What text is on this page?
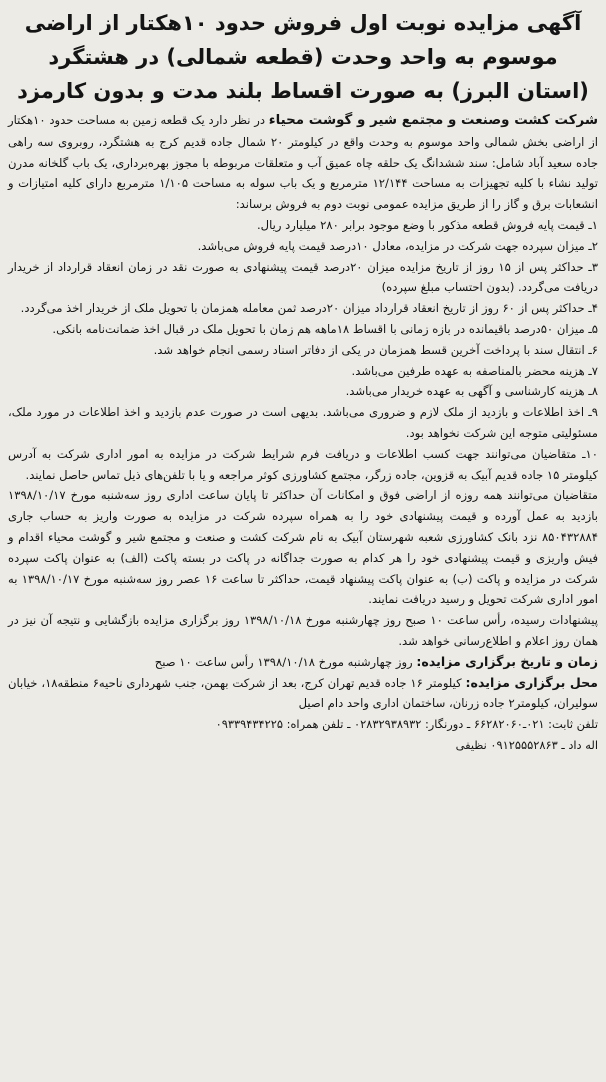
آگهی مزایده نوبت اول فروش حدود ۱۰هکتار از اراضی
موسوم به واحد وحدت (قطعه شمالی) در هشتگرد
(استان البرز) به صورت اقساط بلند مدت و بدون کارمزد

شرکت کشت وصنعت و مجتمع شیر و گوشت محیاء در نظر دارد یک قطعه زمین به مساحت حدود ۱۰هکتار از اراضی بخش شمالی واحد موسوم به وحدت واقع در کیلومتر ۲۰ شمال جاده قدیم کرج به هشتگرد، روبروی سه راهی جاده سعید آباد شامل: سند ششدانگ یک حلقه چاه عمیق آب و متعلقات مربوطه با مجوز بهره‌برداری، یک باب گلخانه مدرن تولید نشاء با کلیه تجهیزات به مساحت ۱۲/۱۴۴ مترمربع و یک باب سوله به مساحت ۱/۱۰۵ مترمربع دارای کلیه امتیازات و انشعابات برق و گاز را از طریق مزایده عمومی نوبت دوم به فروش برساند:

۱ـ قیمت پایه فروش قطعه مذکور با وضع موجود برابر ۲۸۰ میلیارد ریال.
۲ـ میزان سپرده جهت شرکت در مزایده، معادل ۱۰درصد قیمت پایه فروش می‌باشد.
۳ـ حداکثر پس از ۱۵ روز از تاریخ مزایده میزان ۲۰درصد قیمت پیشنهادی به صورت نقد در زمان انعقاد قرارداد از خریدار دریافت می‌گردد. (بدون احتساب مبلغ سپرده)
۴ـ حداکثر پس از ۶۰ روز از تاریخ انعقاد قرارداد میزان ۲۰درصد ثمن معامله همزمان با تحویل ملک از خریدار اخذ می‌گردد.
۵ـ میزان ۵۰درصد باقیمانده در بازه زمانی با اقساط ۱۸ماهه هم زمان با تحویل ملک در قبال اخذ ضمانت‌نامه بانکی.
۶ـ انتقال سند با پرداخت آخرین قسط همزمان در یکی از دفاتر اسناد رسمی انجام خواهد شد.
۷ـ هزینه محضر بالمناصفه به عهده طرفین می‌باشد.
۸ـ هزینه کارشناسی و آگهی به عهده خریدار می‌باشد.
۹ـ اخذ اطلاعات و بازدید از ملک لازم و ضروری می‌باشد. بدیهی است در صورت عدم بازدید و اخذ اطلاعات در مورد ملک، مسئولیتی متوجه این شرکت نخواهد بود.
۱۰ـ متقاضیان می‌توانند جهت کسب اطلاعات و دریافت فرم شرایط شرکت در مزایده به امور اداری شرکت به آدرس کیلومتر ۱۵ جاده قدیم آبیک به قزوین، جاده زرگر، مجتمع کشاورزی کوثر مراجعه و یا با تلفن‌های ذیل تماس حاصل نمایند.

متقاضیان می‌توانند همه روزه از اراضی فوق و امکانات آن حداکثر تا پایان ساعت اداری روز سه‌شنبه مورخ ۱۳۹۸/۱۰/۱۷ بازدید به عمل آورده و قیمت پیشنهادی خود را به همراه سپرده شرکت در مزایده به صورت واریز به حساب جاری ۸۵۰۴۳۲۸۸۴ نزد بانک کشاورزی شعبه شهرستان آبیک به نام شرکت کشت و صنعت و مجتمع شیر و گوشت محیاء اقدام و فیش واریزی و قیمت پیشنهادی خود را هر کدام به صورت جداگانه در پاکت در بسته پاکت (الف) به عنوان پاکت سپرده شرکت در مزایده و پاکت (ب) به عنوان پاکت پیشنهاد قیمت، حداکثر تا ساعت ۱۶ عصر روز سه‌شنبه مورخ ۱۳۹۸/۱۰/۱۷ به امور اداری شرکت تحویل و رسید دریافت نمایند.

پیشنهادات رسیده، رأس ساعت ۱۰ صبح روز چهارشنبه مورخ ۱۳۹۸/۱۰/۱۸ روز برگزاری مزایده بازگشایی و نتیجه آن نیز در همان روز اعلام و اطلاع‌رسانی خواهد شد.

زمان و تاریخ برگزاری مزایده: روز چهارشنبه مورخ ۱۳۹۸/۱۰/۱۸ رأس ساعت ۱۰ صبح

محل برگزاری مزایده: کیلومتر ۱۶ جاده قدیم تهران کرج، بعد از شرکت بهمن، جنب شهرداری ناحیه۶ منطقه۱۸، خیابان سولیران، کیلومتر۲ جاده زرنان، ساختمان اداری واحد دام اصیل

تلفن ثابت: ۰۲۱ـ۶۶۲۸۲۰۶۰ ـ دورنگار: ۰۲۸۳۲۹۳۸۹۳۲ ـ تلفن همراه: ۰۹۳۳۹۴۳۴۲۲۵

اله داد ـ ۰۹۱۲۵۵۵۲۸۶۳ نظیفی
